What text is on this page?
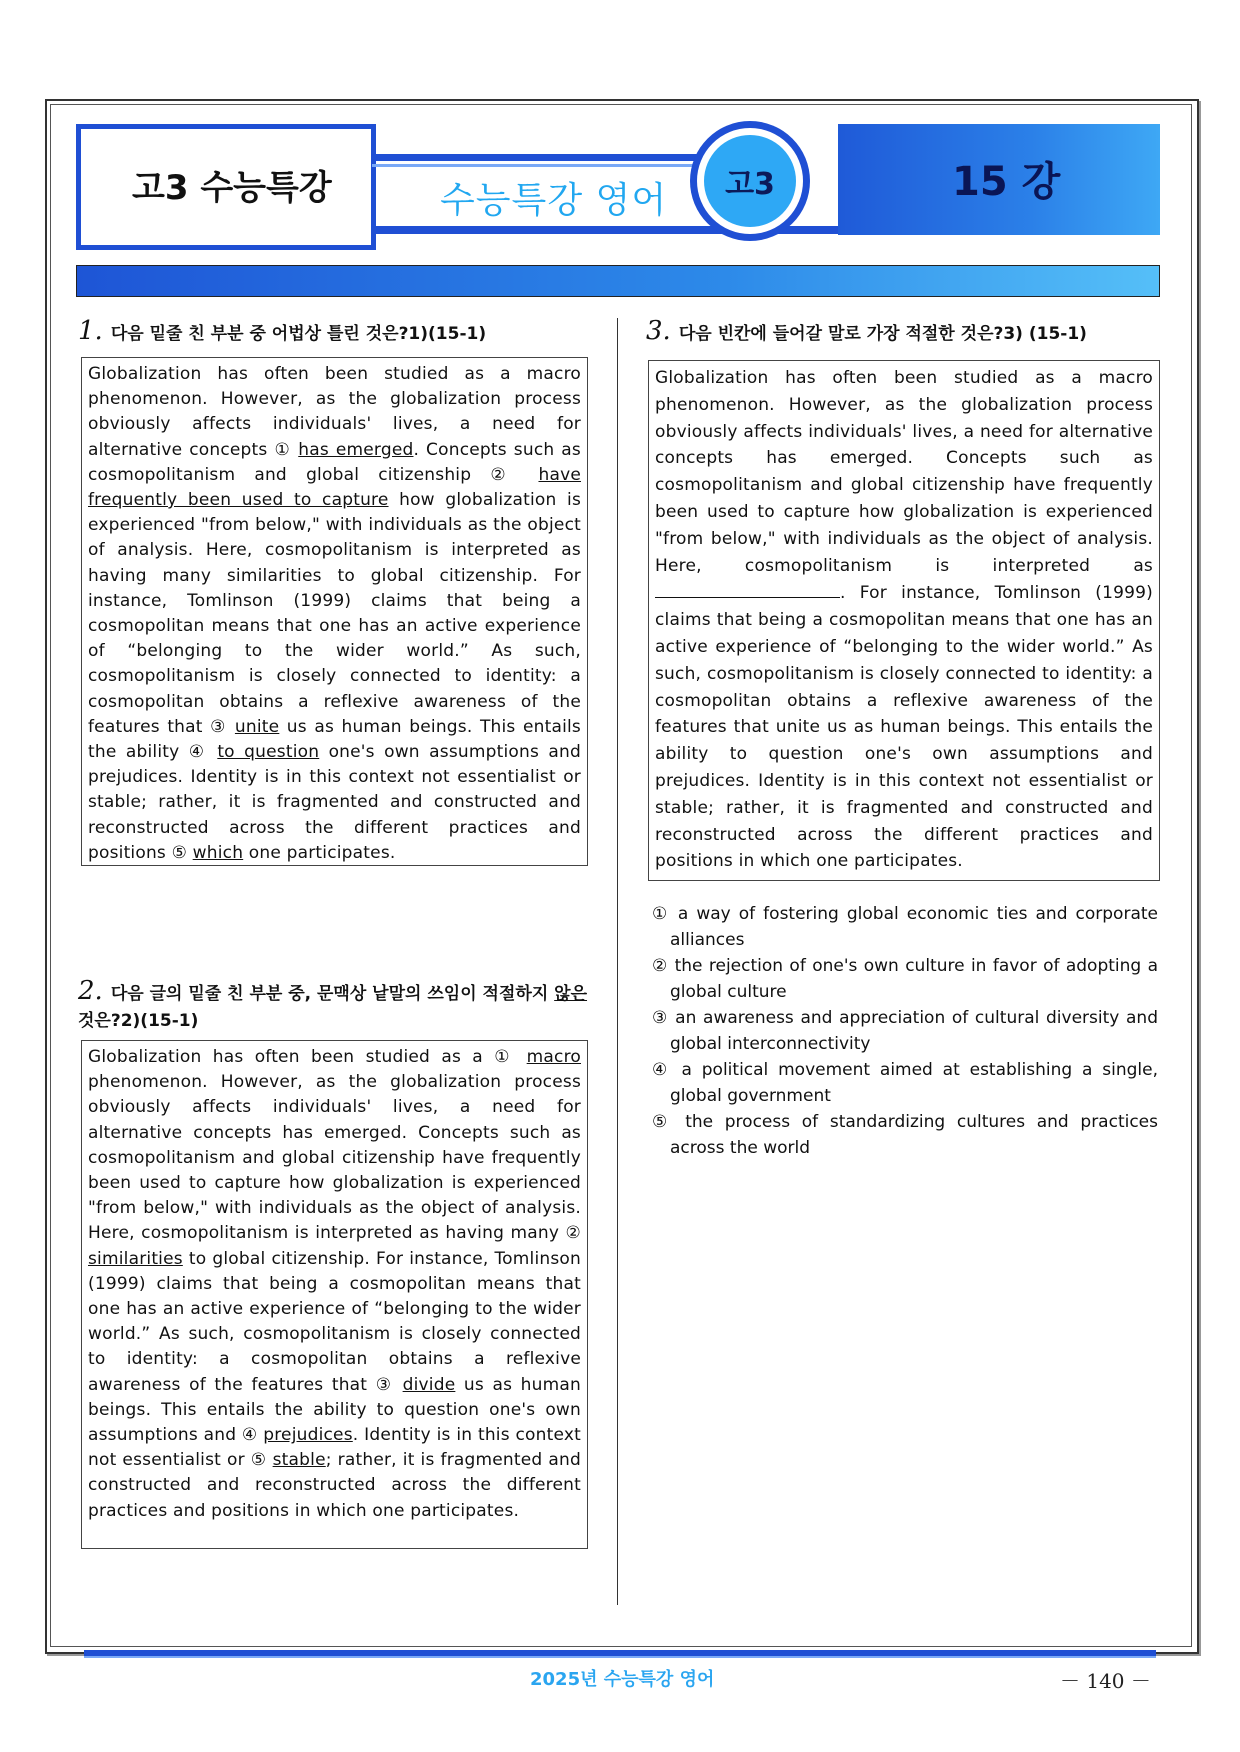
고3 수능특강	수능특강 영어	15 강
고3
1. 다음 밑줄 친 부분 중 어법상 틀린 것은?1)(15-1)
Globalization has often been studied as a macro phenomenon. However, as the globalization process obviously affects individuals' lives, a need for alternative concepts ① has emerged. Concepts such as cosmopolitanism and global citizenship ② have frequently been used to capture how globalization is experienced "from below," with individuals as the object of analysis. Here, cosmopolitanism is interpreted as having many similarities to global citizenship. For instance, Tomlinson (1999) claims that being a cosmopolitan means that one has an active experience of “belonging to the wider world.” As such, cosmopolitanism is closely connected to identity: a cosmopolitan obtains a reflexive awareness of the features that ③ unite us as human beings. This entails the ability ④ to question one's own assumptions and prejudices. Identity is in this context not essentialist or stable; rather, it is fragmented and constructed and reconstructed across the different practices and positions ⑤ which one participates.
2. 다음 글의 밑줄 친 부분 중, 문맥상 낱말의 쓰임이 적절하지 않은 것은?2)(15-1)
Globalization has often been studied as a ① macro phenomenon. However, as the globalization process obviously affects individuals' lives, a need for alternative concepts has emerged. Concepts such as cosmopolitanism and global citizenship have frequently been used to capture how globalization is experienced "from below," with individuals as the object of analysis. Here, cosmopolitanism is interpreted as having many ② similarities to global citizenship. For instance, Tomlinson (1999) claims that being a cosmopolitan means that one has an active experience of “belonging to the wider world.” As such, cosmopolitanism is closely connected to identity: a cosmopolitan obtains a reflexive awareness of the features that ③ divide us as human beings. This entails the ability to question one's own assumptions and ④ prejudices. Identity is in this context not essentialist or ⑤ stable; rather, it is fragmented and constructed and reconstructed across the different practices and positions in which one participates.
3. 다음 빈칸에 들어갈 말로 가장 적절한 것은?3) (15-1)
Globalization has often been studied as a macro phenomenon. However, as the globalization process obviously affects individuals' lives, a need for alternative concepts has emerged. Concepts such as cosmopolitanism and global citizenship have frequently been used to capture how globalization is experienced "from below," with individuals as the object of analysis. Here, cosmopolitanism is interpreted as . For instance, Tomlinson (1999) claims that being a cosmopolitan means that one has an active experience of “belonging to the wider world.” As such, cosmopolitanism is closely connected to identity: a cosmopolitan obtains a reflexive awareness of the features that unite us as human beings. This entails the ability to question one's own assumptions and prejudices. Identity is in this context not essentialist or stable; rather, it is fragmented and constructed and reconstructed across the different practices and positions in which one participates.
① a way of fostering global economic ties and corporate alliances
② the rejection of one's own culture in favor of adopting a global culture
③ an awareness and appreciation of cultural diversity and global interconnectivity
④ a political movement aimed at establishing a single, global government
⑤ the process of standardizing cultures and practices across the world
2025년 수능특강 영어	－ 140 －
